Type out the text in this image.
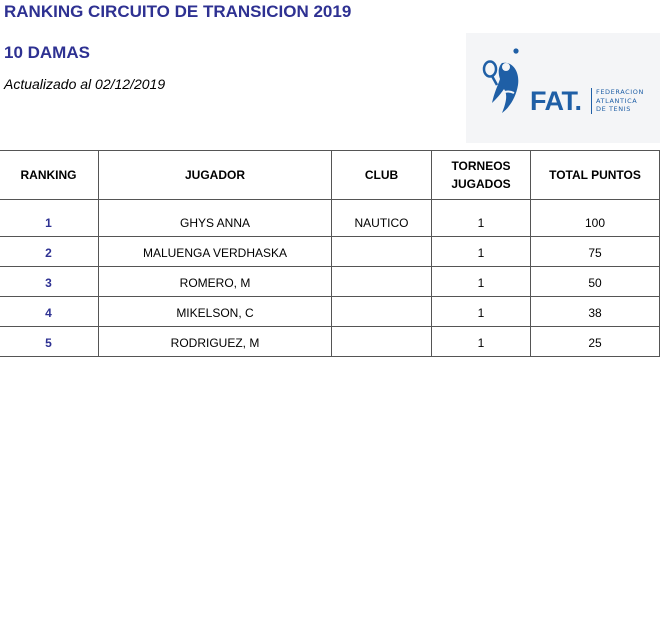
RANKING CIRCUITO DE TRANSICION 2019
10 DAMAS
Actualizado al 02/12/2019
FAT. FEDERACION
ATLANTICA
DE TENIS
RANKING	JUGADOR	CLUB	TORNEOS JUGADOS	TOTAL PUNTOS
1	GHYS ANNA	NAUTICO	1	100
2	MALUENGA VERDHASKA		1	75
3	ROMERO, M		1	50
4	MIKELSON, C		1	38
5	RODRIGUEZ, M		1	25
